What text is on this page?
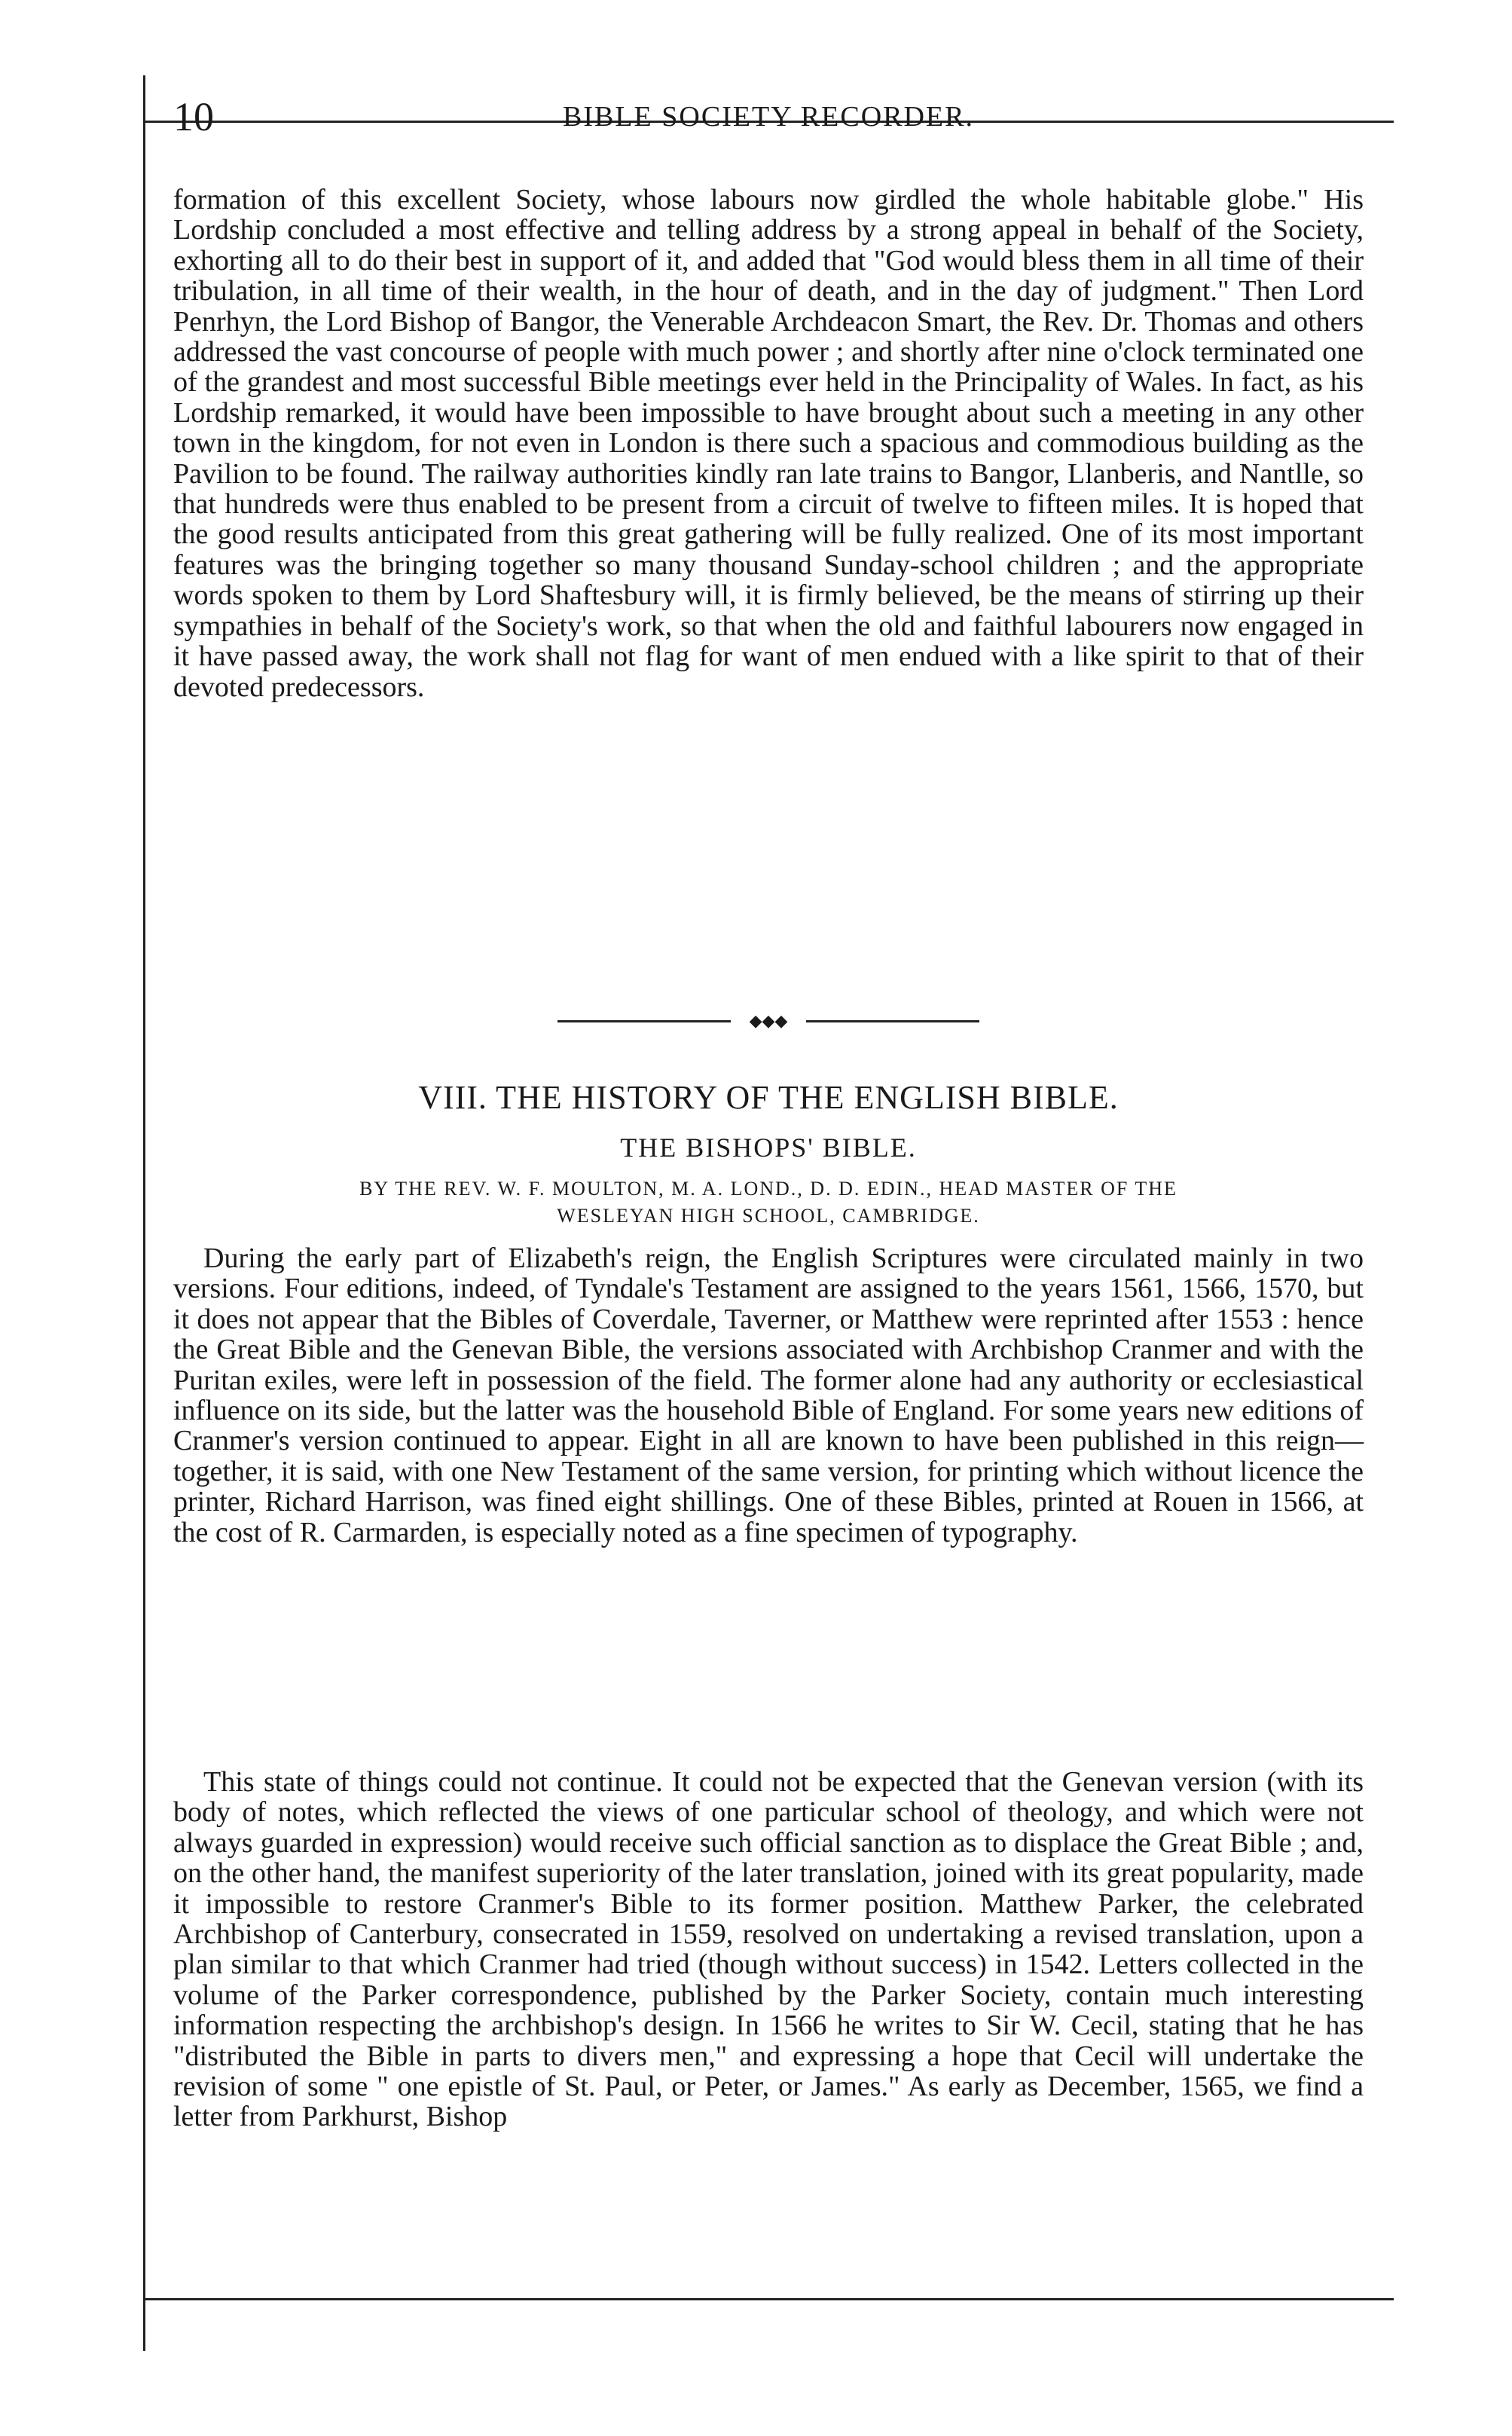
10	BIBLE SOCIETY RECORDER.
formation of this excellent Society, whose labours now girdled the whole habitable globe." His Lordship concluded a most effective and telling address by a strong appeal in behalf of the Society, exhorting all to do their best in support of it, and added that "God would bless them in all time of their tribulation, in all time of their wealth, in the hour of death, and in the day of judgment." Then Lord Penrhyn, the Lord Bishop of Bangor, the Venerable Archdeacon Smart, the Rev. Dr. Thomas and others addressed the vast concourse of people with much power ; and shortly after nine o'clock terminated one of the grandest and most successful Bible meetings ever held in the Principality of Wales. In fact, as his Lordship remarked, it would have been impossible to have brought about such a meeting in any other town in the kingdom, for not even in London is there such a spacious and commodious building as the Pavilion to be found. The railway authorities kindly ran late trains to Bangor, Llanberis, and Nantlle, so that hundreds were thus enabled to be present from a circuit of twelve to fifteen miles. It is hoped that the good results anticipated from this great gathering will be fully realized. One of its most important features was the bringing together so many thousand Sunday-school children ; and the appropriate words spoken to them by Lord Shaftesbury will, it is firmly believed, be the means of stirring up their sympathies in behalf of the Society's work, so that when the old and faithful labourers now engaged in it have passed away, the work shall not flag for want of men endued with a like spirit to that of their devoted predecessors.
◆◆◆
VIII. THE HISTORY OF THE ENGLISH BIBLE.
THE BISHOPS' BIBLE.
BY THE REV. W. F. MOULTON, M. A. LOND., D. D. EDIN., HEAD MASTER OF THE
WESLEYAN HIGH SCHOOL, CAMBRIDGE.
During the early part of Elizabeth's reign, the English Scriptures were circulated mainly in two versions. Four editions, indeed, of Tyndale's Testament are assigned to the years 1561, 1566, 1570, but it does not appear that the Bibles of Coverdale, Taverner, or Matthew were reprinted after 1553 : hence the Great Bible and the Genevan Bible, the versions associated with Archbishop Cranmer and with the Puritan exiles, were left in possession of the field. The former alone had any authority or ecclesiastical influence on its side, but the latter was the household Bible of England. For some years new editions of Cranmer's version continued to appear. Eight in all are known to have been published in this reign—together, it is said, with one New Testament of the same version, for printing which without licence the printer, Richard Harrison, was fined eight shillings. One of these Bibles, printed at Rouen in 1566, at the cost of R. Carmarden, is especially noted as a fine specimen of typography.
This state of things could not continue. It could not be expected that the Genevan version (with its body of notes, which reflected the views of one particular school of theology, and which were not always guarded in expression) would receive such official sanction as to displace the Great Bible ; and, on the other hand, the manifest superiority of the later translation, joined with its great popularity, made it impossible to restore Cranmer's Bible to its former position. Matthew Parker, the celebrated Archbishop of Canterbury, consecrated in 1559, resolved on undertaking a revised translation, upon a plan similar to that which Cranmer had tried (though without success) in 1542. Letters collected in the volume of the Parker correspondence, published by the Parker Society, contain much interesting information respecting the archbishop's design. In 1566 he writes to Sir W. Cecil, stating that he has "distributed the Bible in parts to divers men," and expressing a hope that Cecil will undertake the revision of some " one epistle of St. Paul, or Peter, or James." As early as December, 1565, we find a letter from Parkhurst, Bishop
